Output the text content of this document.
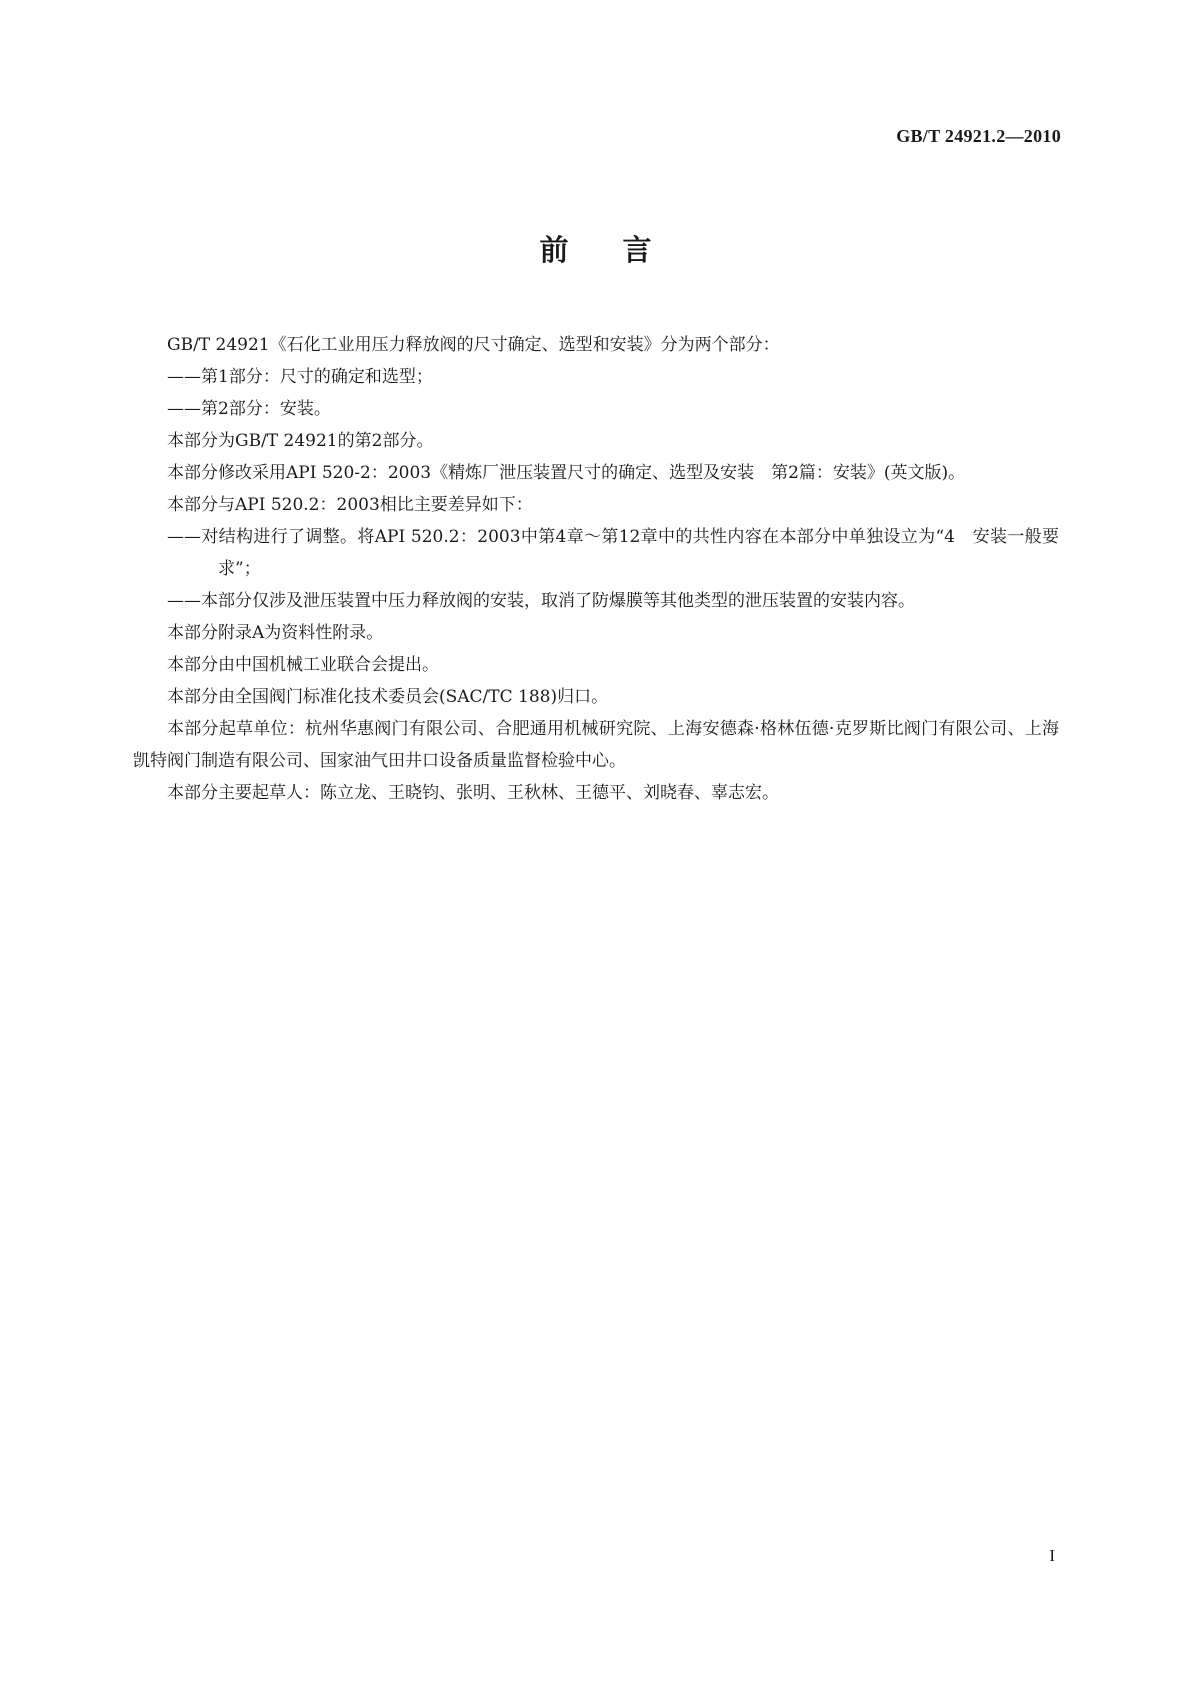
GB/T 24921.2—2010
前言

GB/T 24921《石化工业用压力释放阀的尺寸确定、选型和安装》分为两个部分：

——第1部分：尺寸的确定和选型；

——第2部分：安装。

本部分为GB/T 24921的第2部分。

本部分修改采用API 520-2：2003《精炼厂泄压装置尺寸的确定、选型及安装　第2篇：安装》(英文版)。

本部分与API 520.2：2003相比主要差异如下：

——对结构进行了调整。将API 520.2：2003中第4章～第12章中的共性内容在本部分中单独设立为“4　安装一般要求”；

——本部分仅涉及泄压装置中压力释放阀的安装，取消了防爆膜等其他类型的泄压装置的安装内容。

本部分附录A为资料性附录。

本部分由中国机械工业联合会提出。

本部分由全国阀门标准化技术委员会(SAC/TC 188)归口。

本部分起草单位：杭州华惠阀门有限公司、合肥通用机械研究院、上海安德森·格林伍德·克罗斯比阀门有限公司、上海凯特阀门制造有限公司、国家油气田井口设备质量监督检验中心。

本部分主要起草人：陈立龙、王晓钧、张明、王秋林、王德平、刘晓春、辜志宏。

I
